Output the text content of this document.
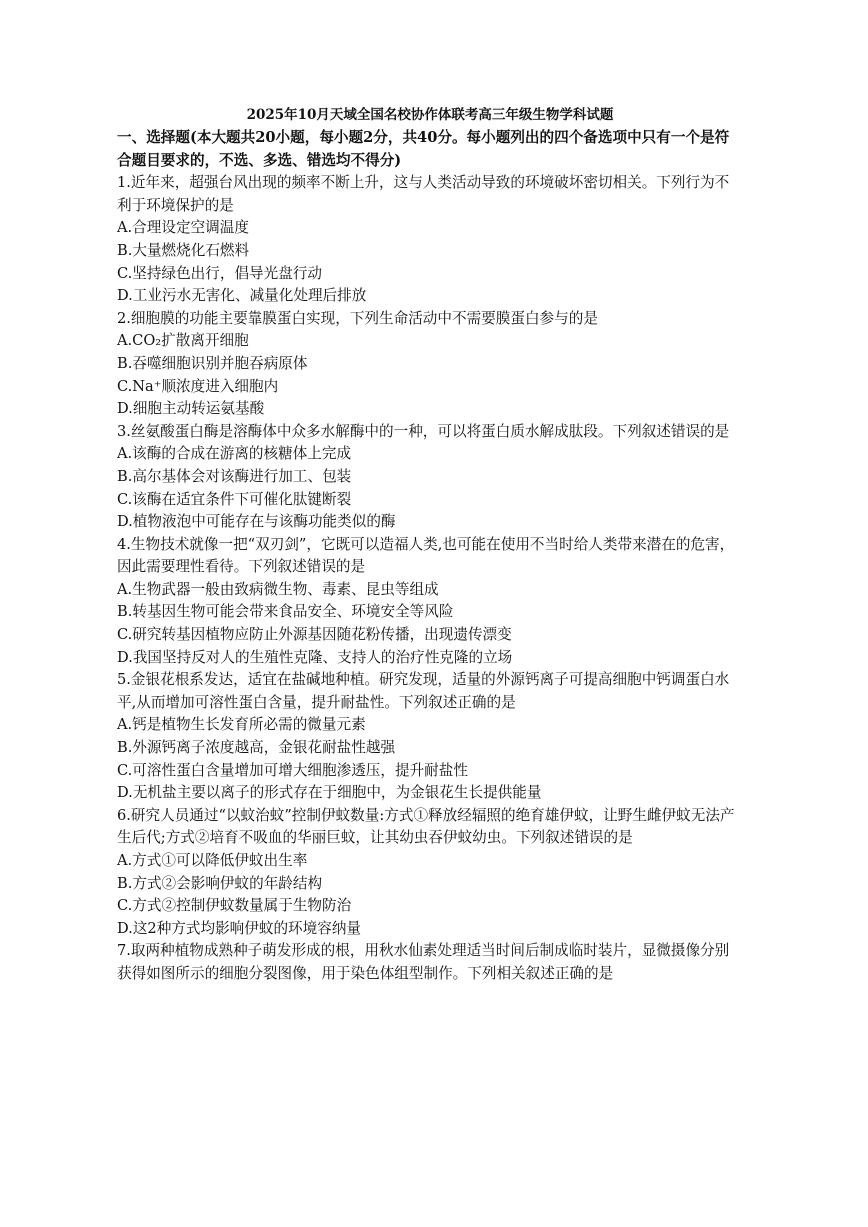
2025年10月天域全国名校协作体联考高三年级生物学科试题

一、选择题(本大题共20小题，每小题2分，共40分。每小题列出的四个备选项中只有一个是符合题目要求的，不选、多选、错选均不得分)

1.近年来，超强台风出现的频率不断上升，这与人类活动导致的环境破坏密切相关。下列行为不利于环境保护的是

A.合理设定空调温度
B.大量燃烧化石燃料
C.坚持绿色出行，倡导光盘行动
D.工业污水无害化、减量化处理后排放

2.细胞膜的功能主要靠膜蛋白实现，下列生命活动中不需要膜蛋白参与的是

A.CO₂扩散离开细胞
B.吞噬细胞识别并胞吞病原体
C.Na⁺顺浓度进入细胞内
D.细胞主动转运氨基酸

3.丝氨酸蛋白酶是溶酶体中众多水解酶中的一种，可以将蛋白质水解成肽段。下列叙述错误的是

A.该酶的合成在游离的核糖体上完成
B.高尔基体会对该酶进行加工、包装
C.该酶在适宜条件下可催化肽键断裂
D.植物液泡中可能存在与该酶功能类似的酶

4.生物技术就像一把“双刃剑”，它既可以造福人类,也可能在使用不当时给人类带来潜在的危害，因此需要理性看待。下列叙述错误的是

A.生物武器一般由致病微生物、毒素、昆虫等组成
B.转基因生物可能会带来食品安全、环境安全等风险
C.研究转基因植物应防止外源基因随花粉传播，出现遗传漂变
D.我国坚持反对人的生殖性克隆、支持人的治疗性克隆的立场

5.金银花根系发达，适宜在盐碱地种植。研究发现，适量的外源钙离子可提高细胞中钙调蛋白水平,从而增加可溶性蛋白含量，提升耐盐性。下列叙述正确的是

A.钙是植物生长发育所必需的微量元素
B.外源钙离子浓度越高，金银花耐盐性越强
C.可溶性蛋白含量增加可增大细胞渗透压，提升耐盐性
D.无机盐主要以离子的形式存在于细胞中，为金银花生长提供能量

6.研究人员通过“以蚊治蚊”控制伊蚊数量:方式①释放经辐照的绝育雄伊蚊，让野生雌伊蚊无法产生后代;方式②培育不吸血的华丽巨蚊，让其幼虫吞伊蚊幼虫。下列叙述错误的是

A.方式①可以降低伊蚊出生率
B.方式②会影响伊蚊的年龄结构
C.方式②控制伊蚊数量属于生物防治
D.这2种方式均影响伊蚊的环境容纳量

7.取两种植物成熟种子萌发形成的根，用秋水仙素处理适当时间后制成临时装片，显微摄像分别获得如图所示的细胞分裂图像，用于染色体组型制作。下列相关叙述正确的是
